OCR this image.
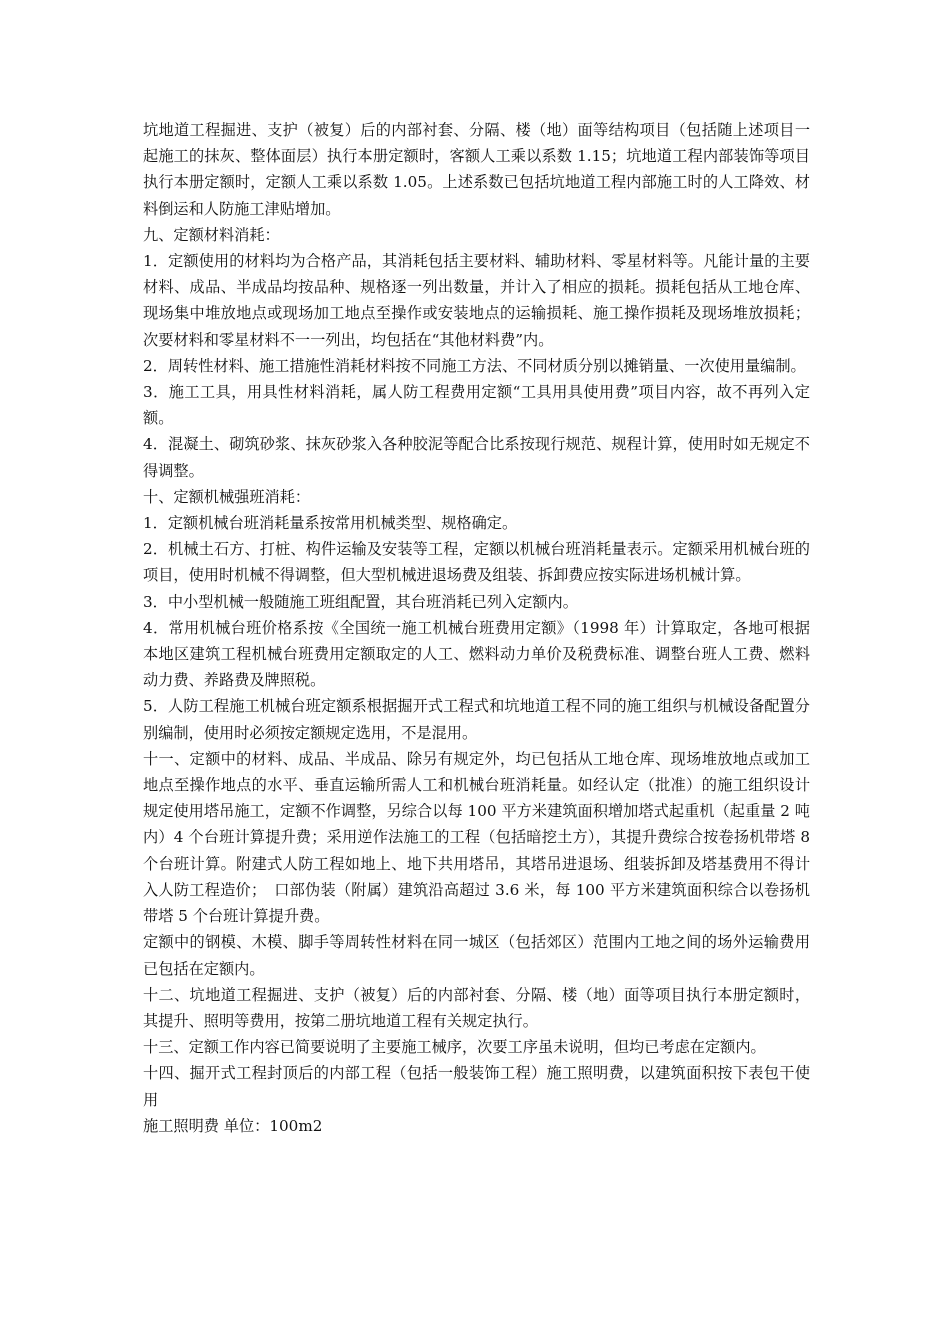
坑地道工程掘进、支护（被复）后的内部衬套、分隔、楼（地）面等结构项目（包括随上述项目一起施工的抹灰、整体面层）执行本册定额时，客额人工乘以系数 1.15；坑地道工程内部装饰等项目执行本册定额时，定额人工乘以系数 1.05。上述系数已包括坑地道工程内部施工时的人工降效、材料倒运和人防施工津贴增加。

九、定额材料消耗：

1．定额使用的材料均为合格产品，其消耗包括主要材料、辅助材料、零星材料等。凡能计量的主要材料、成品、半成品均按品种、规格逐一列出数量，并计入了相应的损耗。损耗包括从工地仓库、现场集中堆放地点或现场加工地点至操作或安装地点的运输损耗、施工操作损耗及现场堆放损耗；次要材料和零星材料不一一列出，均包括在“其他材料费”内。

2．周转性材料、施工措施性消耗材料按不同施工方法、不同材质分别以摊销量、一次使用量编制。

3．施工工具，用具性材料消耗，属人防工程费用定额“工具用具使用费”项目内容，故不再列入定额。

4．混凝土、砌筑砂浆、抹灰砂浆入各种胶泥等配合比系按现行规范、规程计算，使用时如无规定不得调整。

十、定额机械强班消耗：

1．定额机械台班消耗量系按常用机械类型、规格确定。

2．机械土石方、打桩、构件运输及安装等工程，定额以机械台班消耗量表示。定额采用机械台班的项目，使用时机械不得调整，但大型机械进退场费及组装、拆卸费应按实际进场机械计算。

3．中小型机械一般随施工班组配置，其台班消耗已列入定额内。

4．常用机械台班价格系按《全国统一施工机械台班费用定额》（1998 年）计算取定，各地可根据本地区建筑工程机械台班费用定额取定的人工、燃料动力单价及税费标准、调整台班人工费、燃料动力费、养路费及牌照税。

5．人防工程施工机械台班定额系根据掘开式工程式和坑地道工程不同的施工组织与机械设备配置分别编制，使用时必须按定额规定选用，不是混用。

十一、定额中的材料、成品、半成品、除另有规定外，均已包括从工地仓库、现场堆放地点或加工地点至操作地点的水平、垂直运输所需人工和机械台班消耗量。如经认定（批准）的施工组织设计规定使用塔吊施工，定额不作调整，另综合以每 100 平方米建筑面积增加塔式起重机（起重量 2 吨内）4 个台班计算提升费；采用逆作法施工的工程（包括暗挖土方），其提升费综合按卷扬机带塔 8 个台班计算。附建式人防工程如地上、地下共用塔吊，其塔吊进退场、组装拆卸及塔基费用不得计入人防工程造价；　口部伪装（附属）建筑沿高超过 3.6 米，每 100 平方米建筑面积综合以卷扬机带塔 5 个台班计算提升费。

定额中的钢模、木模、脚手等周转性材料在同一城区（包括郊区）范围内工地之间的场外运输费用已包括在定额内。

十二、坑地道工程掘进、支护（被复）后的内部衬套、分隔、楼（地）面等项目执行本册定额时，其提升、照明等费用，按第二册坑地道工程有关规定执行。

十三、定额工作内容已简要说明了主要施工械序，次要工序虽未说明，但均已考虑在定额内。

十四、掘开式工程封顶后的内部工程（包括一般装饰工程）施工照明费，以建筑面积按下表包干使用

施工照明费 单位：100m2
